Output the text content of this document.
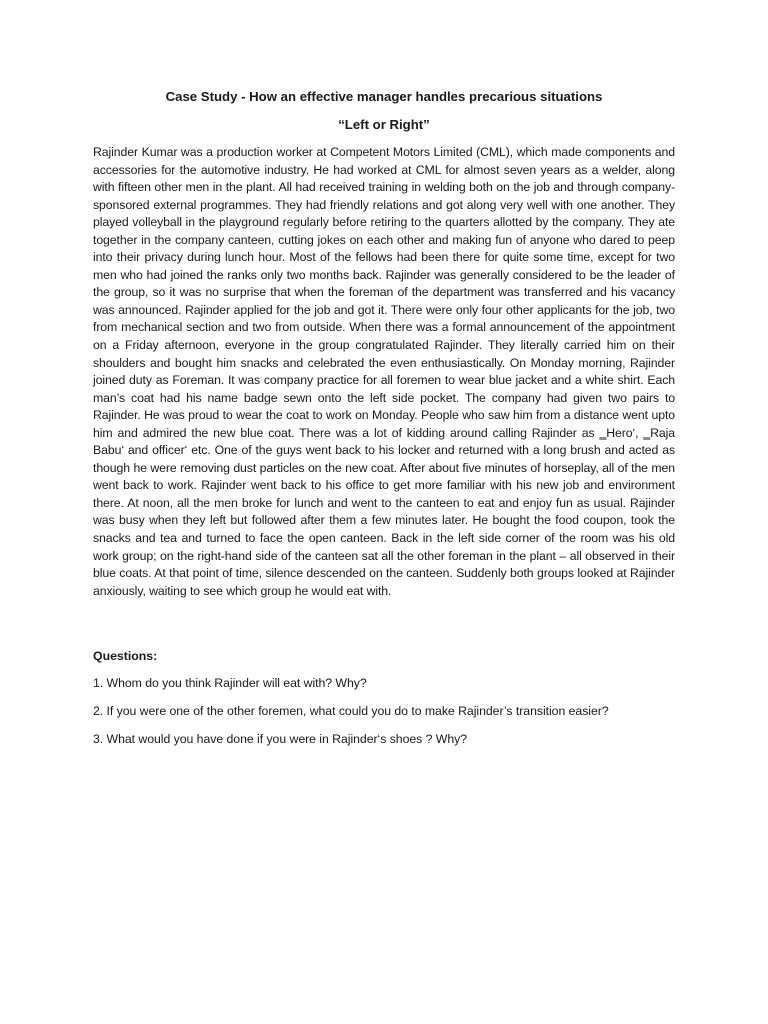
Case Study - How an effective manager handles precarious situations
“Left or Right”

Rajinder Kumar was a production worker at Competent Motors Limited (CML), which made components and accessories for the automotive industry. He had worked at CML for almost seven years as a welder, along with fifteen other men in the plant. All had received training in welding both on the job and through company-sponsored external programmes. They had friendly relations and got along very well with one another. They played volleyball in the playground regularly before retiring to the quarters allotted by the company. They ate together in the company canteen, cutting jokes on each other and making fun of anyone who dared to peep into their privacy during lunch hour. Most of the fellows had been there for quite some time, except for two men who had joined the ranks only two months back. Rajinder was generally considered to be the leader of the group, so it was no surprise that when the foreman of the department was transferred and his vacancy was announced. Rajinder applied for the job and got it. There were only four other applicants for the job, two from mechanical section and two from outside. When there was a formal announcement of the appointment on a Friday afternoon, everyone in the group congratulated Rajinder. They literally carried him on their shoulders and bought him snacks and celebrated the even enthusiastically. On Monday morning, Rajinder joined duty as Foreman. It was company practice for all foremen to wear blue jacket and a white shirt. Each man’s coat had his name badge sewn onto the left side pocket. The company had given two pairs to Rajinder. He was proud to wear the coat to work on Monday. People who saw him from a distance went upto him and admired the new blue coat. There was a lot of kidding around calling Rajinder as ‗Hero‘, ‗Raja Babu‘ and officer‘ etc. One of the guys went back to his locker and returned with a long brush and acted as though he were removing dust particles on the new coat. After about five minutes of horseplay, all of the men went back to work. Rajinder went back to his office to get more familiar with his new job and environment there. At noon, all the men broke for lunch and went to the canteen to eat and enjoy fun as usual. Rajinder was busy when they left but followed after them a few minutes later. He bought the food coupon, took the snacks and tea and turned to face the open canteen. Back in the left side corner of the room was his old work group; on the right-hand side of the canteen sat all the other foreman in the plant – all observed in their blue coats. At that point of time, silence descended on the canteen. Suddenly both groups looked at Rajinder anxiously, waiting to see which group he would eat with.

Questions:

1. Whom do you think Rajinder will eat with? Why?

2. If you were one of the other foremen, what could you do to make Rajinder’s transition easier?

3. What would you have done if you were in Rajinder‘s shoes ? Why?
